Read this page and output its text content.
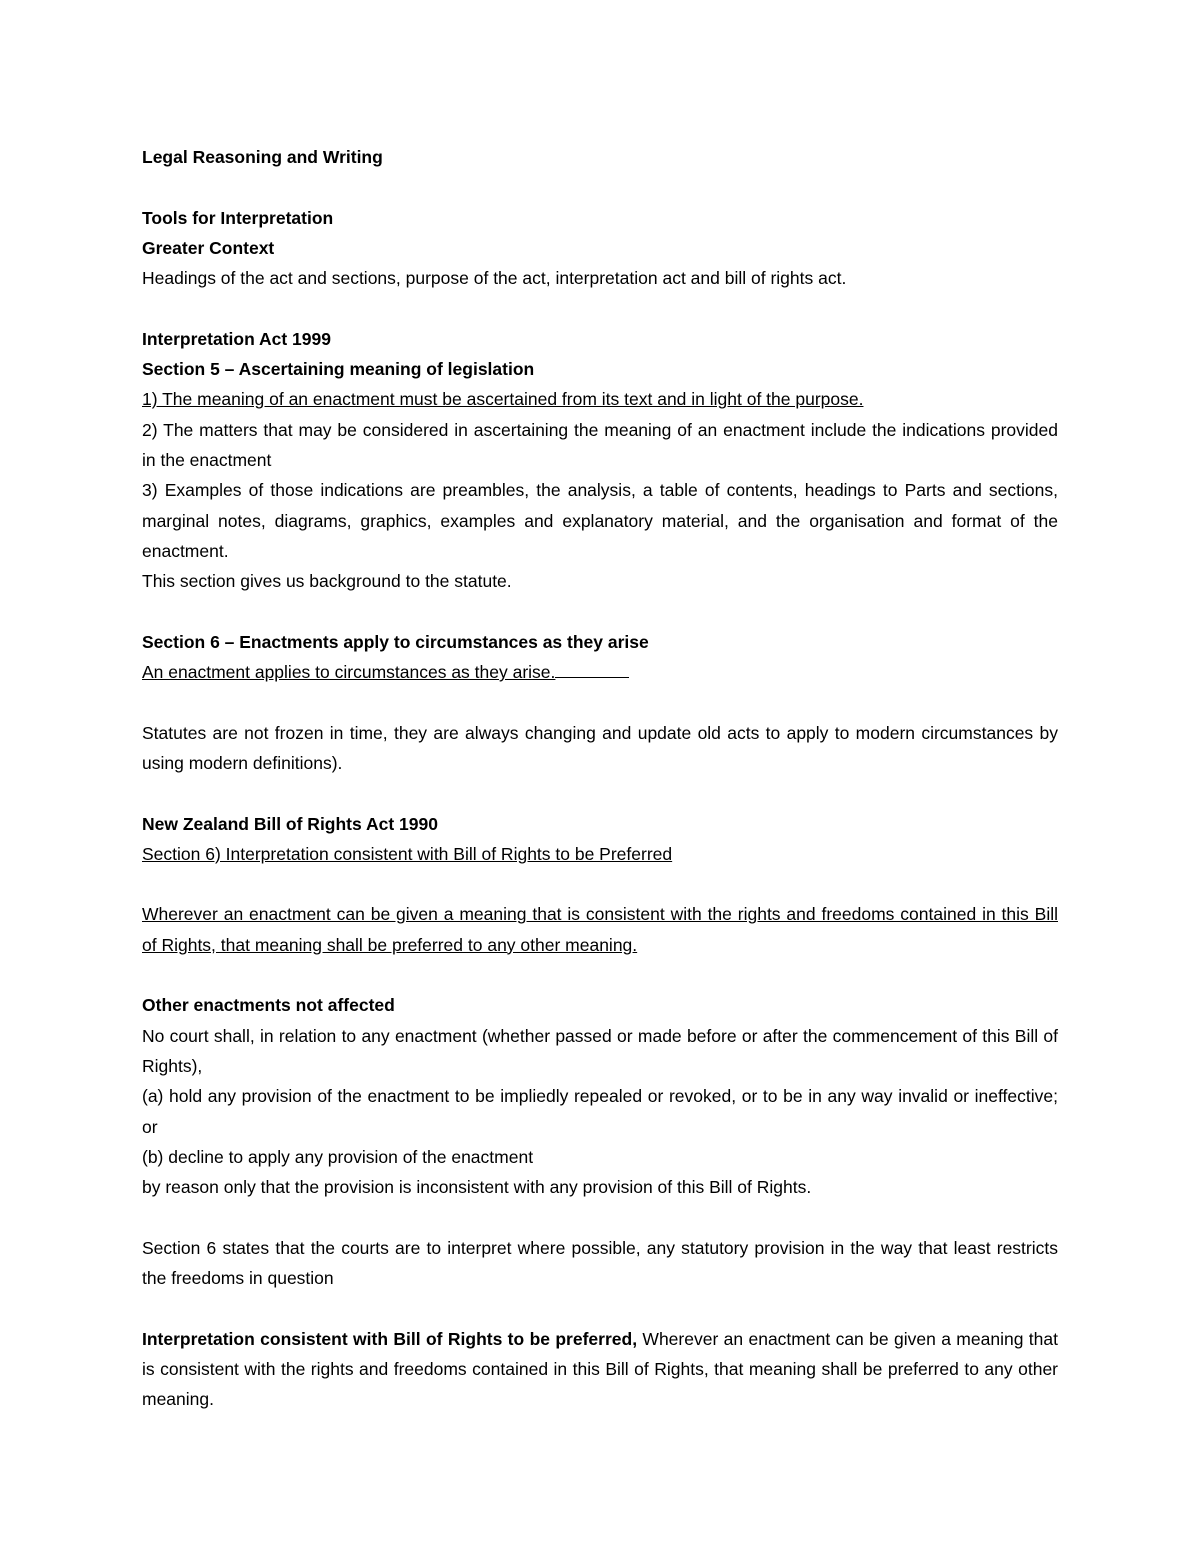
Legal Reasoning and Writing
Tools for Interpretation
Greater Context
Headings of the act and sections, purpose of the act, interpretation act and bill of rights act.
Interpretation Act 1999
Section 5 – Ascertaining meaning of legislation
1) The meaning of an enactment must be ascertained from its text and in light of the purpose.
2) The matters that may be considered in ascertaining the meaning of an enactment include the indications provided in the enactment
3) Examples of those indications are preambles, the analysis, a table of contents, headings to Parts and sections, marginal notes, diagrams, graphics, examples and explanatory material, and the organisation and format of the enactment.
This section gives us background to the statute.
Section 6 – Enactments apply to circumstances as they arise
An enactment applies to circumstances as they arise.
Statutes are not frozen in time, they are always changing and update old acts to apply to modern circumstances by using modern definitions).
New Zealand Bill of Rights Act 1990
Section 6) Interpretation consistent with Bill of Rights to be Preferred
Wherever an enactment can be given a meaning that is consistent with the rights and freedoms contained in this Bill of Rights, that meaning shall be preferred to any other meaning.
Other enactments not affected
No court shall, in relation to any enactment (whether passed or made before or after the commencement of this Bill of Rights),
(a) hold any provision of the enactment to be impliedly repealed or revoked, or to be in any way invalid or ineffective; or
(b) decline to apply any provision of the enactment
by reason only that the provision is inconsistent with any provision of this Bill of Rights.
Section 6 states that the courts are to interpret where possible, any statutory provision in the way that least restricts the freedoms in question
Interpretation consistent with Bill of Rights to be preferred, Wherever an enactment can be given a meaning that is consistent with the rights and freedoms contained in this Bill of Rights, that meaning shall be preferred to any other meaning.
